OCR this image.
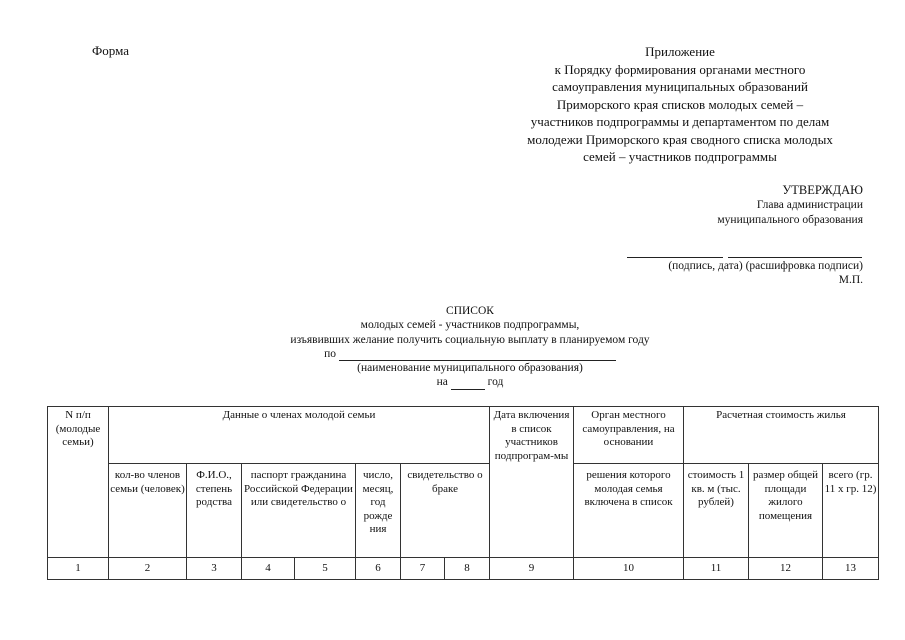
Форма	Приложение
к Порядку формирования органами местного
самоуправления муниципальных образований
Приморского края списков молодых семей –
участников подпрограммы и департаментом по делам
молодежи Приморского края сводного списка молодых
семей – участников подпрограммы
УТВЕРЖДАЮ
Глава администрации
муниципального образования
(подпись, дата) (расшифровка подписи)
М.П.
СПИСОК
молодых семей - участников подпрограммы,
изъявивших желание получить социальную выплату в планируемом году
по
(наименование муниципального образования)
на	год
N п/п (молодые семьи)	Данные о членах молодой семьи							Дата включения в список участников подпрограм-мы	Орган местного самоуправления, на основании	Расчетная стоимость жилья		
	кол-во членов семьи (человек)	Ф.И.О., степень родства	паспорт гражданина Российской Федерации или свидетельство о		число, месяц, год рожде ния	свидетельство о браке			решения которого молодая семья включена в список	стоимость 1 кв. м (тыс. рублей)	размер общей площади жилого помещения	всего (гр. 11 x гр. 12)
1	2	3	4	5	6	7	8	9	10	11	12	13
